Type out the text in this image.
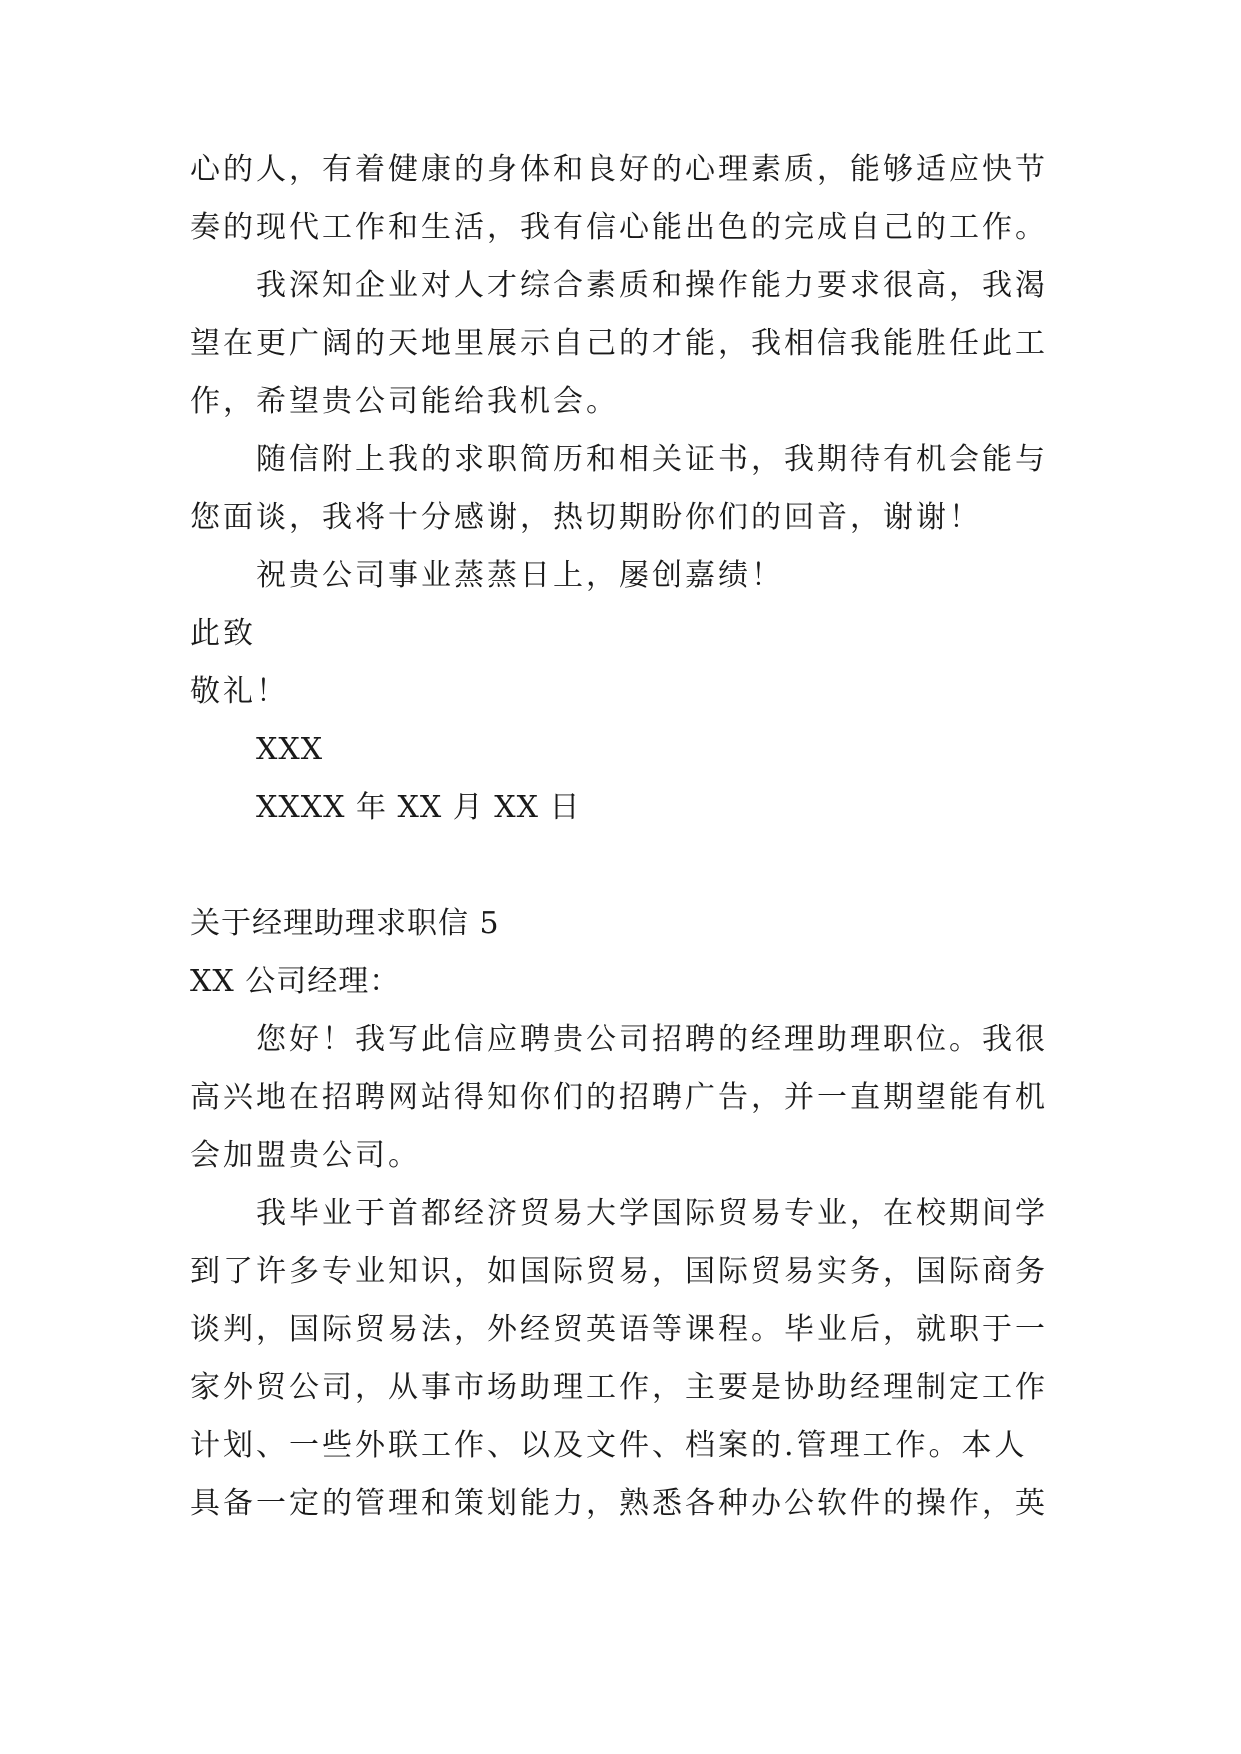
心的人，有着健康的身体和良好的心理素质，能够适应快节
奏的现代工作和生活，我有信心能出色的完成自己的工作。
我深知企业对人才综合素质和操作能力要求很高，我渴
望在更广阔的天地里展示自己的才能，我相信我能胜任此工
作，希望贵公司能给我机会。
随信附上我的求职简历和相关证书，我期待有机会能与
您面谈，我将十分感谢，热切期盼你们的回音，谢谢！
祝贵公司事业蒸蒸日上，屡创嘉绩！
此致
敬礼！
XXX
XXXX 年 XX 月 XX 日
关于经理助理求职信 5
XX 公司经理：
您好！我写此信应聘贵公司招聘的经理助理职位。我很
高兴地在招聘网站得知你们的招聘广告，并一直期望能有机
会加盟贵公司。
我毕业于首都经济贸易大学国际贸易专业，在校期间学
到了许多专业知识，如国际贸易，国际贸易实务，国际商务
谈判，国际贸易法，外经贸英语等课程。毕业后，就职于一
家外贸公司，从事市场助理工作，主要是协助经理制定工作
计划、一些外联工作、以及文件、档案的.管理工作。本人
具备一定的管理和策划能力，熟悉各种办公软件的操作，英
